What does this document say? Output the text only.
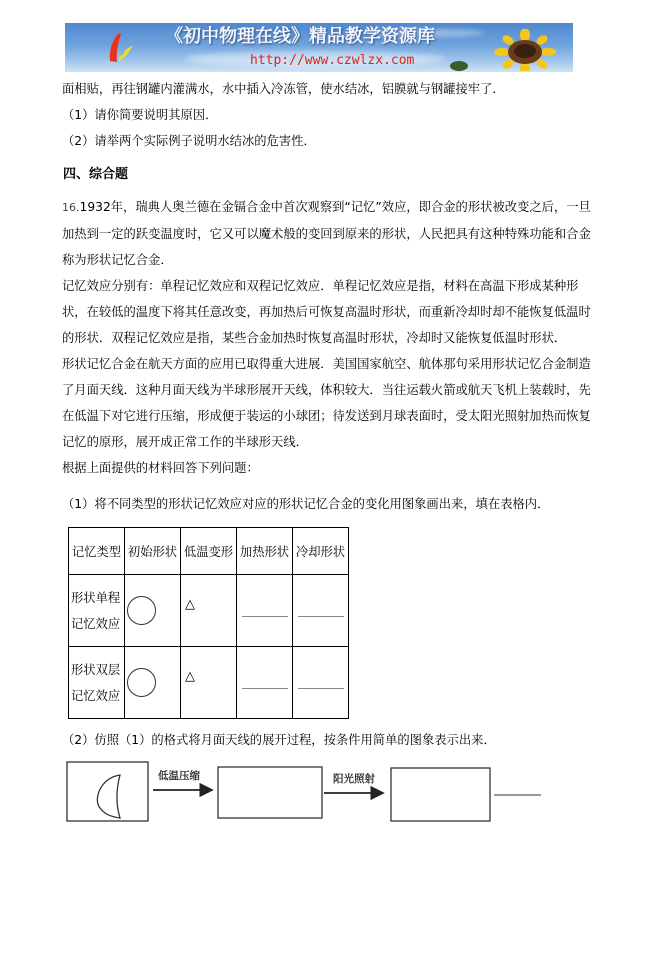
《初中物理在线》精品教学资源库
http://www.czwlzx.com

面相贴，再往钢罐内灌满水，水中插入冷冻管，使水结冰，铝膜就与钢罐接牢了．

（1）请你简要说明其原因．

（2）请举两个实际例子说明水结冰的危害性．

四、综合题

16.1932年，瑞典人奥兰德在金镉合金中首次观察到“记忆”效应，即合金的形状被改变之后，一旦加热到一定的跃变温度时，它又可以魔术般的变回到原来的形状，人民把具有这种特殊功能和合金称为形状记忆合金．

记忆效应分别有：单程记忆效应和双程记忆效应．单程记忆效应是指，材料在高温下形成某种形状，在较低的温度下将其任意改变，再加热后可恢复高温时形状，而重新冷却时却不能恢复低温时的形状．双程记忆效应是指，某些合金加热时恢复高温时形状，冷却时又能恢复低温时形状．

形状记忆合金在航天方面的应用已取得重大进展．美国国家航空、航体那句采用形状记忆合金制造了月面天线．这种月面天线为半球形展开天线，体积较大．当往运载火箭或航天飞机上装载时，先在低温下对它进行压缩，形成便于装运的小球团；待发送到月球表面时，受太阳光照射加热而恢复记忆的原形，展开成正常工作的半球形天线．

根据上面提供的材料回答下列问题：

（1）将不同类型的形状记忆效应对应的形状记忆合金的变化用图象画出来，填在表格内．

记忆类型	初始形状	低温变形	加热形状	冷却形状

形状单程
记忆效应		△		

形状双层
记忆效应		△		

（2）仿照（1）的格式将月面天线的展开过程，按条件用简单的图象表示出来．

低温压缩	阳光照射
